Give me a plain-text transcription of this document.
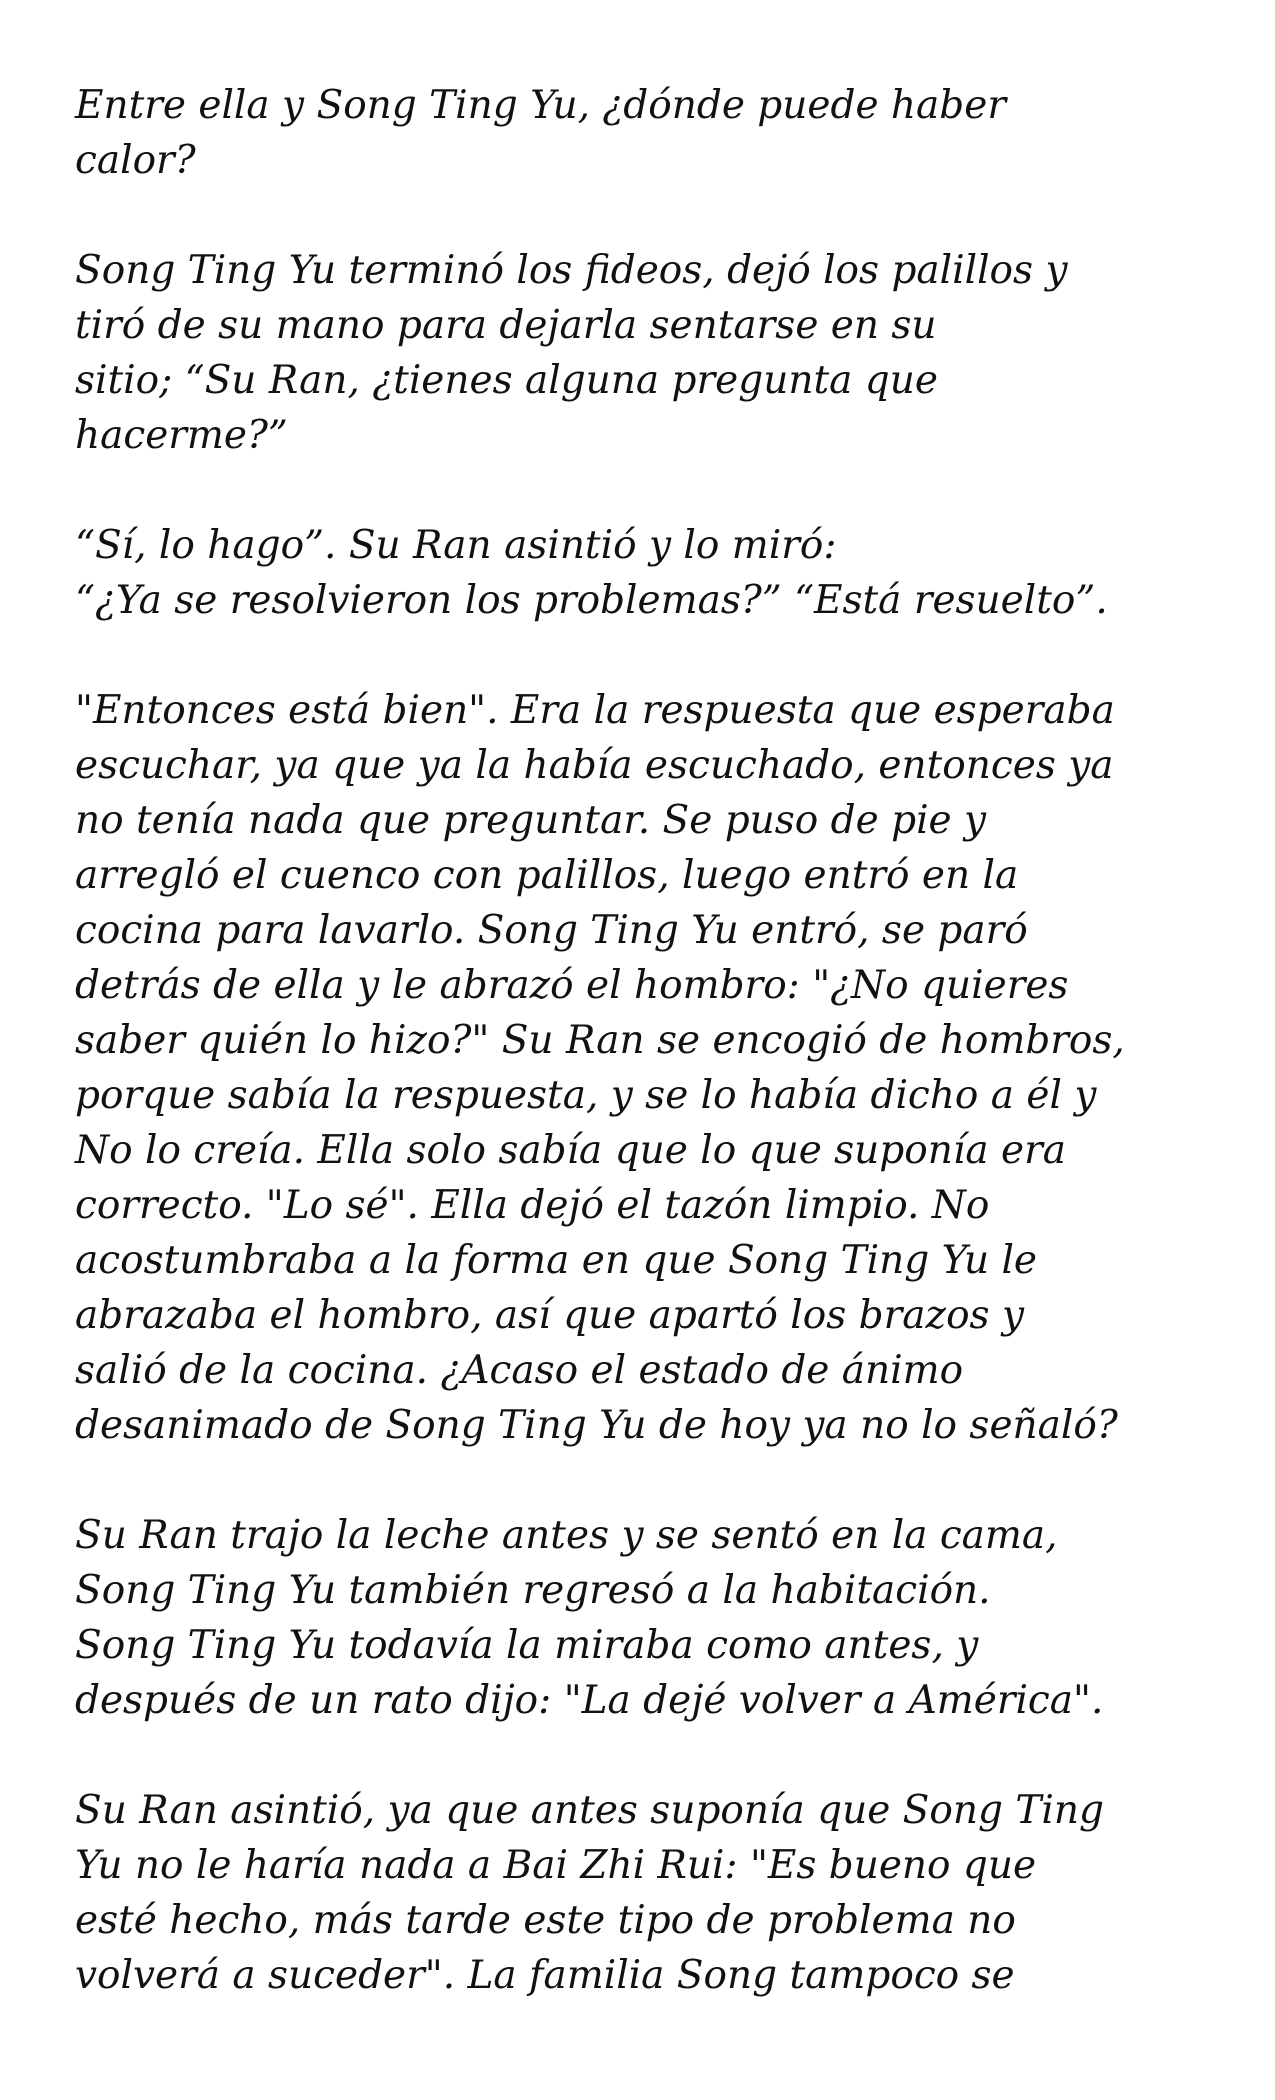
Entre ella y Song Ting Yu, ¿dónde puede haber
calor?

Song Ting Yu terminó los fideos, dejó los palillos y
tiró de su mano para dejarla sentarse en su
sitio; “Su Ran, ¿tienes alguna pregunta que
hacerme?”

“Sí, lo hago”. Su Ran asintió y lo miró:
“¿Ya se resolvieron los problemas?” “Está resuelto”.

"Entonces está bien". Era la respuesta que esperaba
escuchar, ya que ya la había escuchado, entonces ya
no tenía nada que preguntar. Se puso de pie y
arregló el cuenco con palillos, luego entró en la
cocina para lavarlo. Song Ting Yu entró, se paró
detrás de ella y le abrazó el hombro: "¿No quieres
saber quién lo hizo?" Su Ran se encogió de hombros,
porque sabía la respuesta, y se lo había dicho a él y
No lo creía. Ella solo sabía que lo que suponía era
correcto. "Lo sé". Ella dejó el tazón limpio. No
acostumbraba a la forma en que Song Ting Yu le
abrazaba el hombro, así que apartó los brazos y
salió de la cocina. ¿Acaso el estado de ánimo
desanimado de Song Ting Yu de hoy ya no lo señaló?

Su Ran trajo la leche antes y se sentó en la cama,
Song Ting Yu también regresó a la habitación.
Song Ting Yu todavía la miraba como antes, y
después de un rato dijo: "La dejé volver a América".

Su Ran asintió, ya que antes suponía que Song Ting
Yu no le haría nada a Bai Zhi Rui: "Es bueno que
esté hecho, más tarde este tipo de problema no
volverá a suceder". La familia Song tampoco se
